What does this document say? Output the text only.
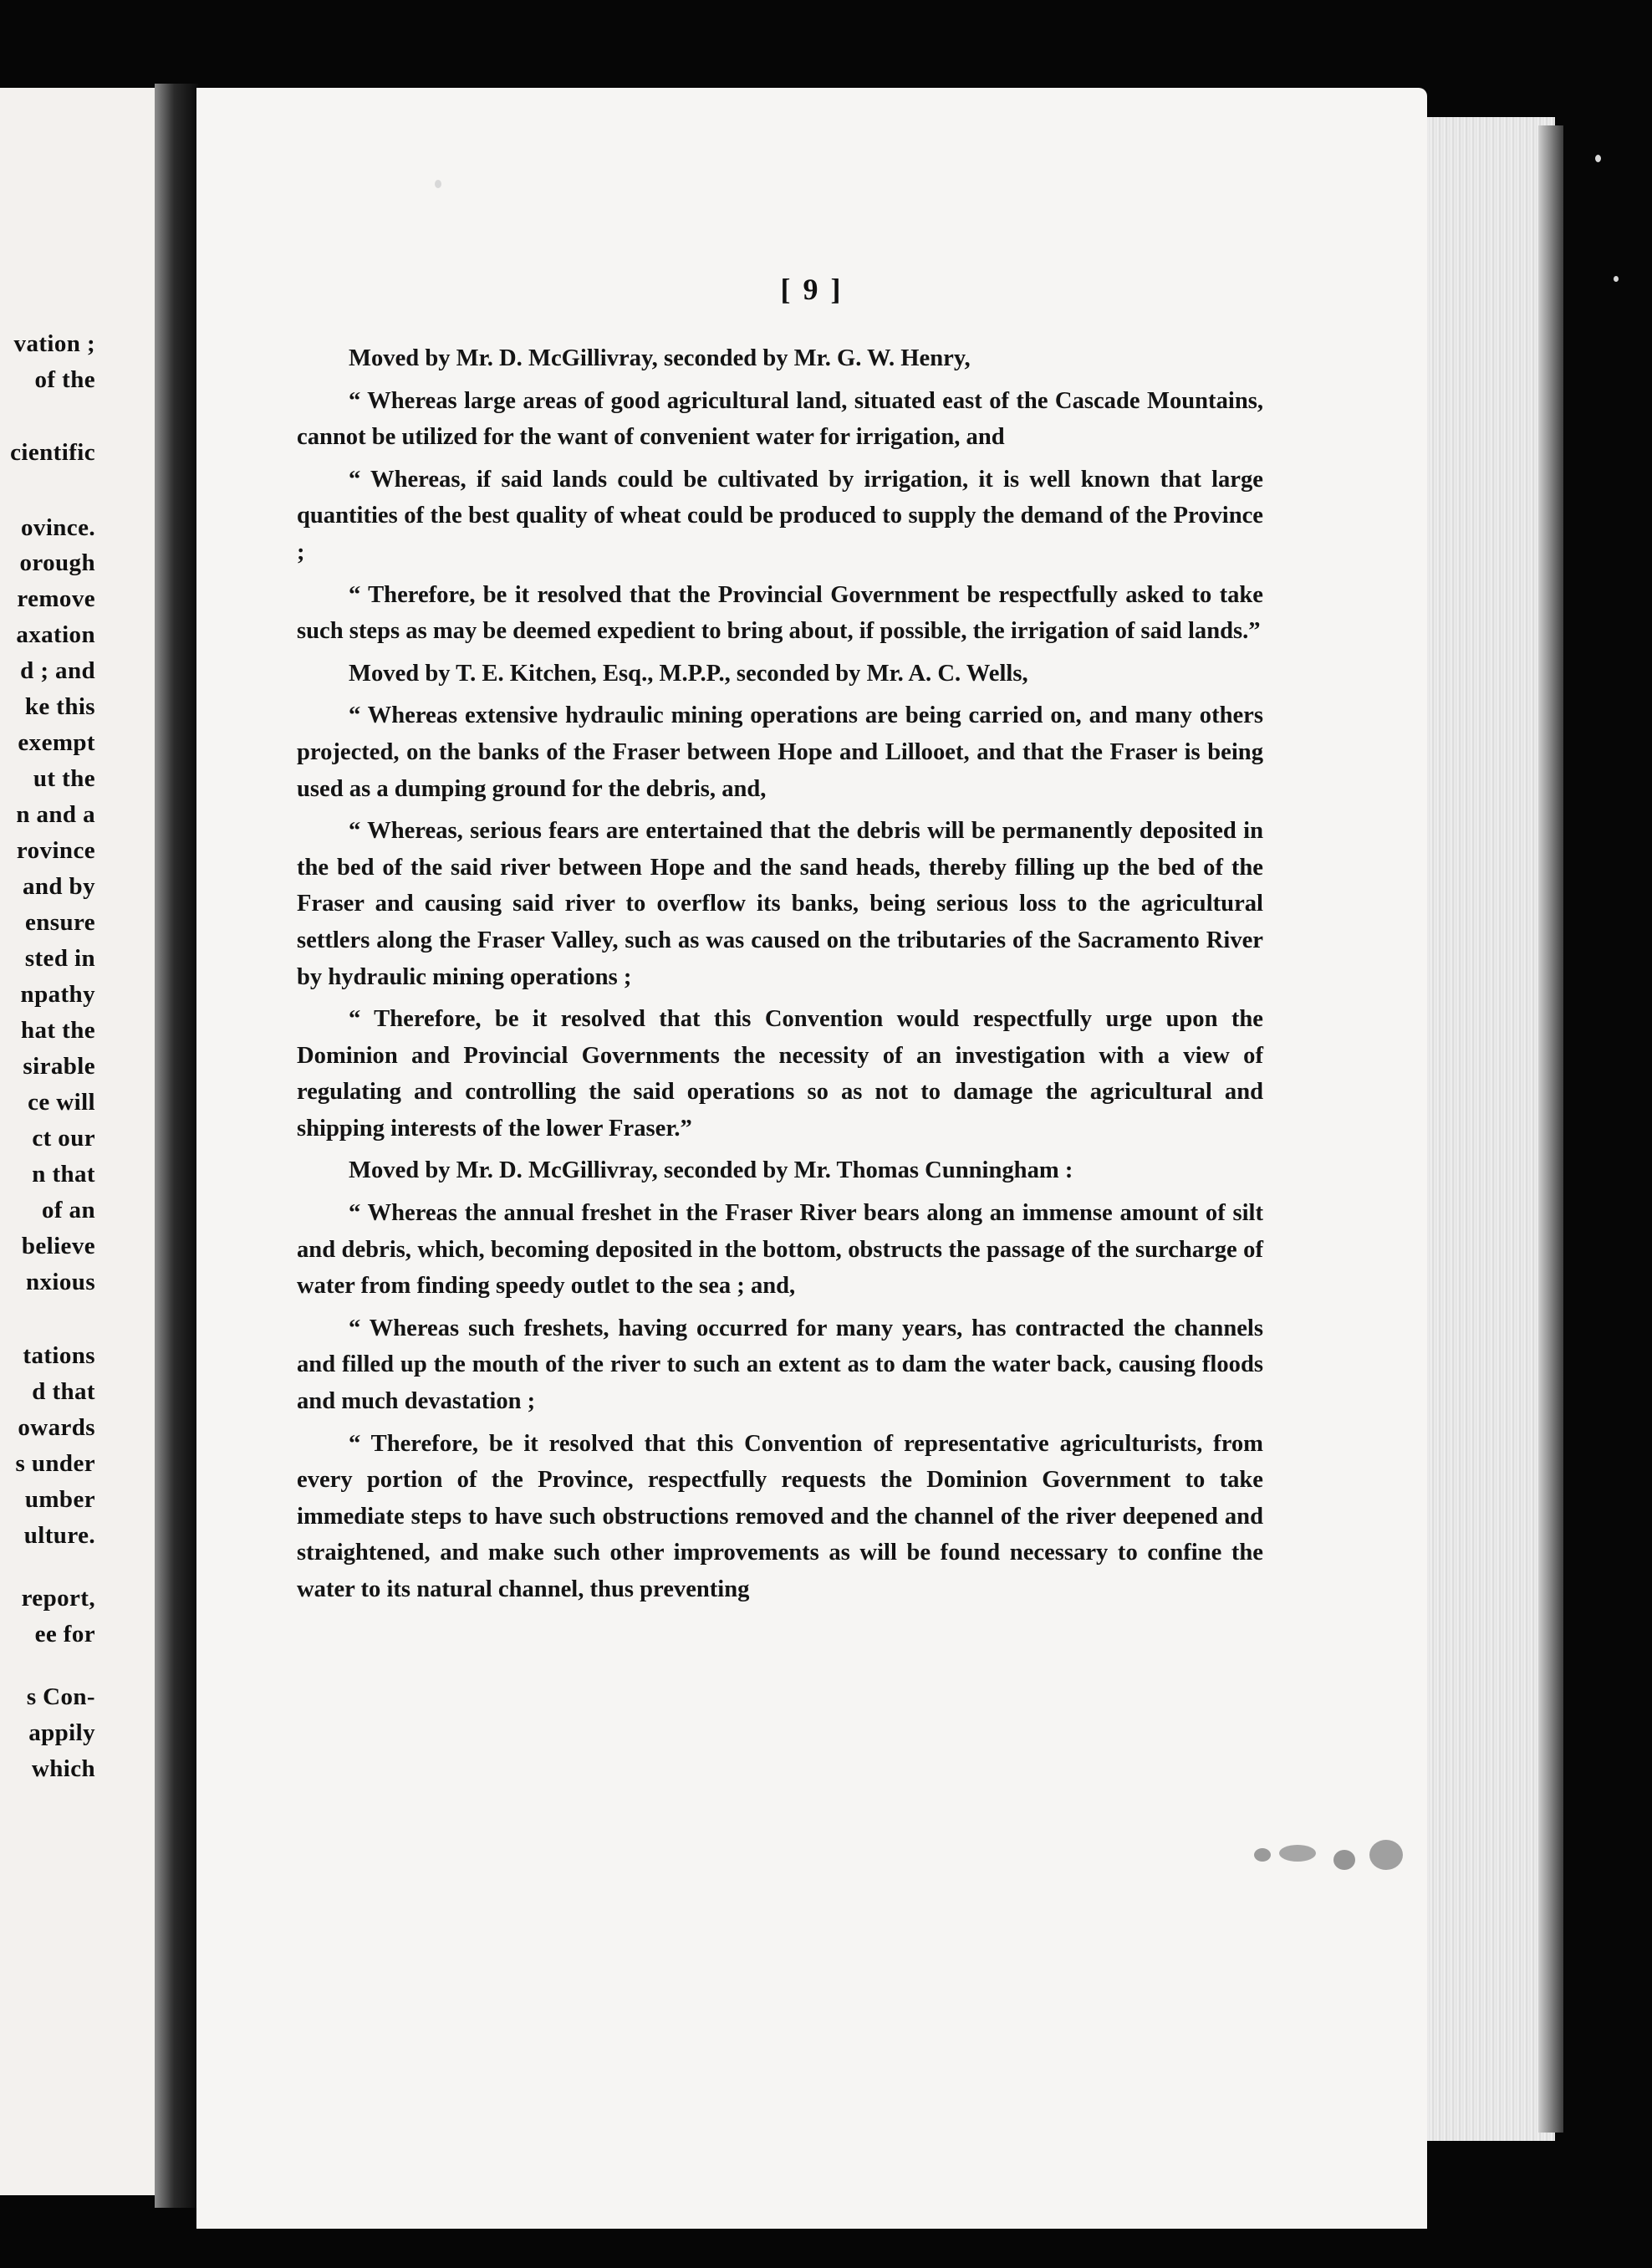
vation ;
of the
cientific
ovince.
orough
remove
axation
d ; and
ke this
exempt
ut the
n and a
rovince
and by
ensure
sted in
npathy
hat the
sirable
ce will
ct our
n that
of an
believe
nxious
tations
d that
owards
s under
umber
ulture.
report,
ee for
s Con-
appily
which
[ 9 ]

Moved by Mr. D. McGillivray, seconded by Mr. G. W. Henry,

“ Whereas large areas of good agricultural land, situated east of the Cascade Mountains, cannot be utilized for the want of convenient water for irrigation, and

“ Whereas, if said lands could be cultivated by irrigation, it is well known that large quantities of the best quality of wheat could be produced to supply the demand of the Province ;

“ Therefore, be it resolved that the Provincial Government be respectfully asked to take such steps as may be deemed expedient to bring about, if possible, the irrigation of said lands.”

Moved by T. E. Kitchen, Esq., M.P.P., seconded by Mr. A. C. Wells,

“ Whereas extensive hydraulic mining operations are being carried on, and many others projected, on the banks of the Fraser between Hope and Lillooet, and that the Fraser is being used as a dumping ground for the debris, and,

“ Whereas, serious fears are entertained that the debris will be permanently deposited in the bed of the said river between Hope and the sand heads, thereby filling up the bed of the Fraser and causing said river to overflow its banks, being serious loss to the agricultural settlers along the Fraser Valley, such as was caused on the tributaries of the Sacramento River by hydraulic mining operations ;

“ Therefore, be it resolved that this Convention would respectfully urge upon the Dominion and Provincial Governments the necessity of an investigation with a view of regulating and controlling the said operations so as not to damage the agricultural and shipping interests of the lower Fraser.”

Moved by Mr. D. McGillivray, seconded by Mr. Thomas Cunningham :

“ Whereas the annual freshet in the Fraser River bears along an immense amount of silt and debris, which, becoming deposited in the bottom, obstructs the passage of the surcharge of water from finding speedy outlet to the sea ; and,

“ Whereas such freshets, having occurred for many years, has contracted the channels and filled up the mouth of the river to such an extent as to dam the water back, causing floods and much devastation ;

“ Therefore, be it resolved that this Convention of representative agriculturists, from every portion of the Province, respectfully requests the Dominion Government to take immediate steps to have such obstructions removed and the channel of the river deepened and straightened, and make such other improvements as will be found necessary to confine the water to its natural channel, thus preventing
